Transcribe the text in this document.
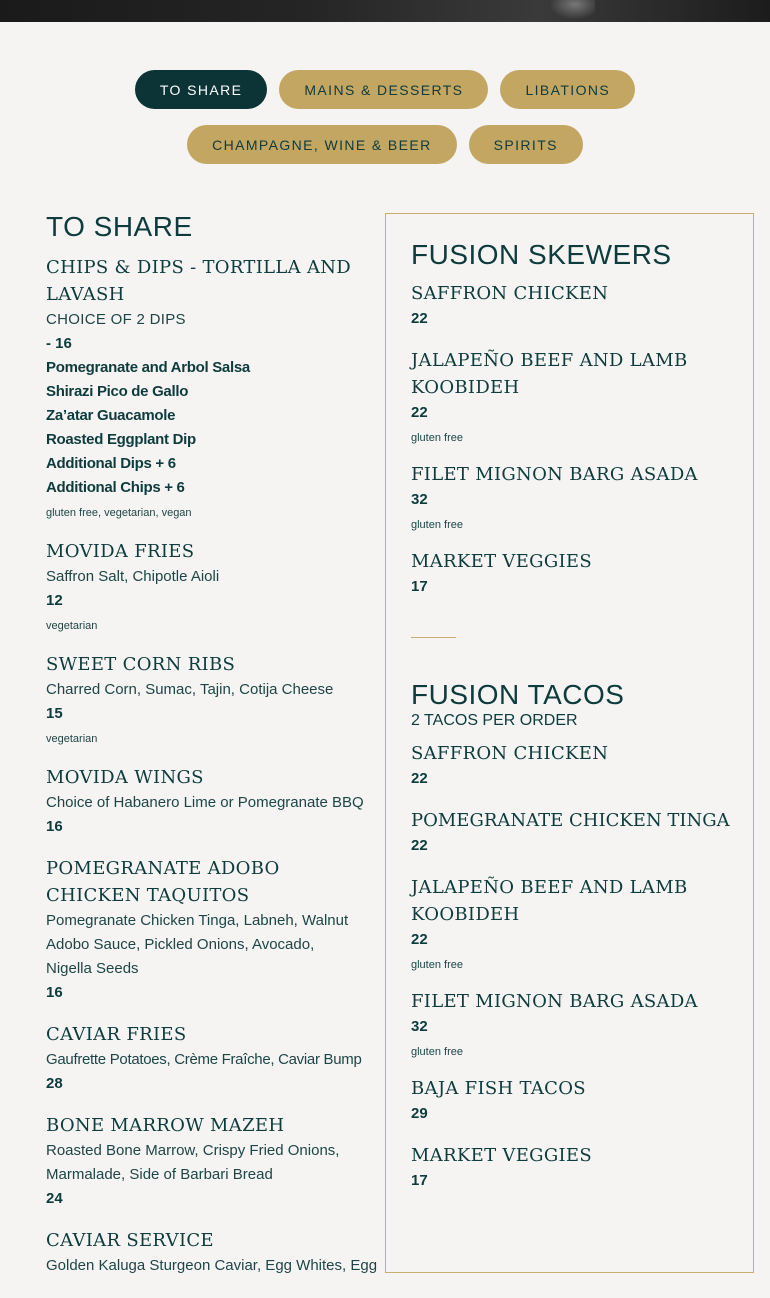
TO SHARE	MAINS & DESSERTS	LIBATIONS
CHAMPAGNE, WINE & BEER	SPIRITS
TO SHARE
CHIPS & DIPS - TORTILLA AND LAVASH
CHOICE OF 2 DIPS
- 16
Pomegranate and Arbol Salsa
Shirazi Pico de Gallo
Za’atar Guacamole
Roasted Eggplant Dip
Additional Dips + 6
Additional Chips + 6
gluten free, vegetarian, vegan
MOVIDA FRIES
Saffron Salt, Chipotle Aioli
12
vegetarian
SWEET CORN RIBS
Charred Corn, Sumac, Tajin, Cotija Cheese
15
vegetarian
MOVIDA WINGS
Choice of Habanero Lime or Pomegranate BBQ
16
POMEGRANATE ADOBO CHICKEN TAQUITOS
Pomegranate Chicken Tinga, Labneh, Walnut Adobo Sauce, Pickled Onions, Avocado, Nigella Seeds
16
CAVIAR FRIES
Gaufrette Potatoes, Crème Fraîche, Caviar Bump
28
BONE MARROW MAZEH
Roasted Bone Marrow, Crispy Fried Onions, Marmalade, Side of Barbari Bread
24
CAVIAR SERVICE
Golden Kaluga Sturgeon Caviar, Egg Whites, Egg
FUSION SKEWERS
SAFFRON CHICKEN
22
JALAPEÑO BEEF AND LAMB KOOBIDEH
22
gluten free
FILET MIGNON BARG ASADA
32
gluten free
MARKET VEGGIES
17
FUSION TACOS
2 TACOS PER ORDER
SAFFRON CHICKEN
22
POMEGRANATE CHICKEN TINGA
22
JALAPEÑO BEEF AND LAMB KOOBIDEH
22
gluten free
FILET MIGNON BARG ASADA
32
gluten free
BAJA FISH TACOS
29
MARKET VEGGIES
17
